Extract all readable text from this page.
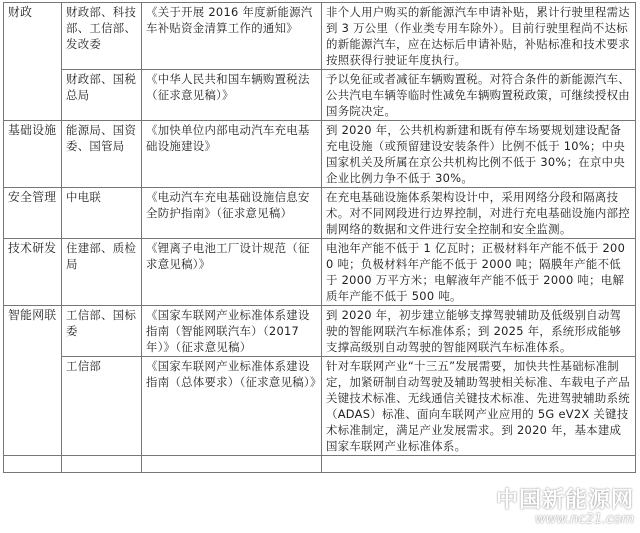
财政	财政部、科技部、工信部、发改委	《关于开展 2016 年度新能源汽车补贴资金清算工作的通知》	非个人用户购买的新能源汽车申请补贴，累计行驶里程需达到 3 万公里（作业类专用车除外）。目前行驶里程尚不达标的新能源汽车，应在达标后申请补贴，补贴标准和技术要求按照获得行驶证年度执行。
	财政部、国税总局	《中华人民共和国车辆购置税法（征求意见稿）》	予以免征或者减征车辆购置税。对符合条件的新能源汽车、公共汽电车辆等临时性减免车辆购置税政策，可继续授权由国务院决定。
基础设施	能源局、国资委、国管局	《加快单位内部电动汽车充电基础设施建设》	到 2020 年，公共机构新建和既有停车场要规划建设配备充电设施（或预留建设安装条件）比例不低于 10%；中央国家机关及所属在京公共机构比例不低于 30%；在京中央企业比例力争不低于 30%。
安全管理	中电联	《电动汽车充电基础设施信息安全防护指南》（征求意见稿）	在充电基础设施体系架构设计中，采用网络分段和隔离技术。对不同网段进行边界控制，对进行充电基础设施内部控制网络的数据和文件进行安全控制和安全监测。
技术研发	住建部、质检局	《锂离子电池工厂设计规范（征求意见稿）》	电池年产能不低于 1 亿瓦时；正极材料年产能不低于 2000 吨；负极材料年产能不低于 2000 吨；隔膜年产能不低于 2000 万平方米；电解液年产能不低于 2000 吨；电解质年产能不低于 500 吨。
智能网联	工信部、国标委	《国家车联网产业标准体系建设指南（智能网联汽车）（2017 年）》（征求意见稿）	到 2020 年，初步建立能够支撑驾驶辅助及低级别自动驾驶的智能网联汽车标准体系；到 2025 年，系统形成能够支撑高级别自动驾驶的智能网联汽车标准体系。
	工信部	《国家车联网产业标准体系建设指南（总体要求）（征求意见稿）》	针对车联网产业“十三五”发展需要，加快共性基础标准制定，加紧研制自动驾驶及辅助驾驶相关标准、车载电子产品关键技术标准、无线通信关键技术标准、先进驾驶辅助系统（ADAS）标准、面向车联网产业应用的 5G eV2X 关键技术标准制定，满足产业发展需求。到 2020 年，基本建成国家车联网产业标准体系。

中国新能源网
www.nc21.com
